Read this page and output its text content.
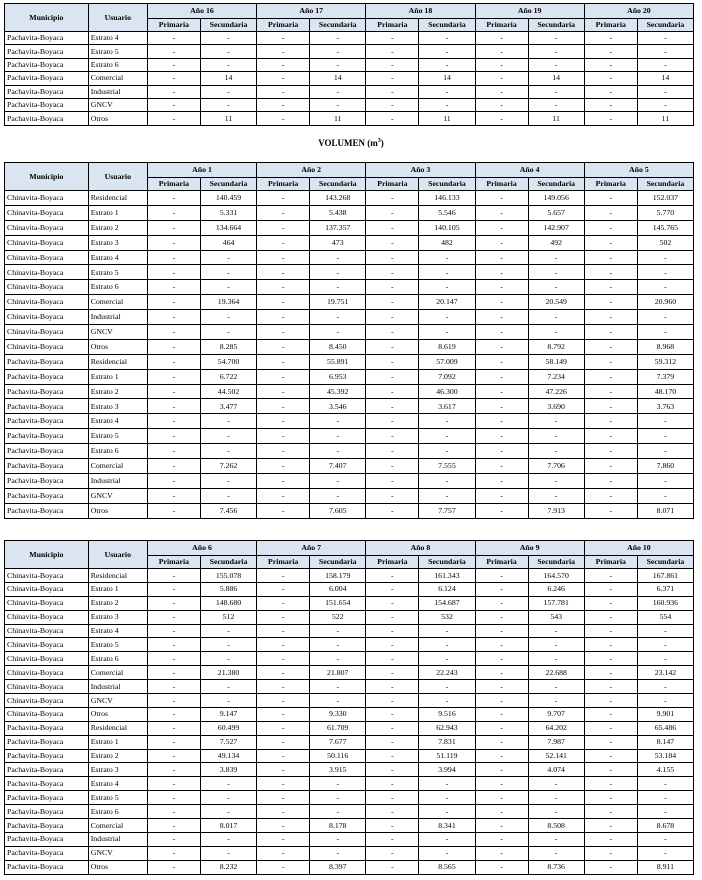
Municipio	Usuario	Año 16		Año 17		Año 18		Año 19		Año 20	
		Primaria	Secundaria	Primaria	Secundaria	Primaria	Secundaria	Primaria	Secundaria	Primaria	Secundaria
Pachavita-Boyaca	Estrato 4	-	-	-	-	-	-	-	-	-	-
Pachavita-Boyaca	Estrato 5	-	-	-	-	-	-	-	-	-	-
Pachavita-Boyaca	Estrato 6	-	-	-	-	-	-	-	-	-	-
Pachavita-Boyaca	Comercial	-	14	-	14	-	14	-	14	-	14
Pachavita-Boyaca	Industrial	-	-	-	-	-	-	-	-	-	-
Pachavita-Boyaca	GNCV	-	-	-	-	-	-	-	-	-	-
Pachavita-Boyaca	Otros	-	11	-	11	-	11	-	11	-	11
VOLUMEN $(m^3)$
Municipio	Usuario	Año 1		Año 2		Año 3		Año 4		Año 5	
		Primaria	Secundaria	Primaria	Secundaria	Primaria	Secundaria	Primaria	Secundaria	Primaria	Secundaria
Chinavita-Boyaca	Residencial	-	140.459	-	143.268	-	146.133	-	149.056	-	152.037
Chinavita-Boyaca	Estrato 1	-	5.331	-	5.438	-	5.546	-	5.657	-	5.770
Chinavita-Boyaca	Estrato 2	-	134.664	-	137.357	-	140.105	-	142.907	-	145.765
Chinavita-Boyaca	Estrato 3	-	464	-	473	-	482	-	492	-	502
Chinavita-Boyaca	Estrato 4	-	-	-	-	-	-	-	-	-	-
Chinavita-Boyaca	Estrato 5	-	-	-	-	-	-	-	-	-	-
Chinavita-Boyaca	Estrato 6	-	-	-	-	-	-	-	-	-	-
Chinavita-Boyaca	Comercial	-	19.364	-	19.751	-	20.147	-	20.549	-	20.960
Chinavita-Boyaca	Industrial	-	-	-	-	-	-	-	-	-	-
Chinavita-Boyaca	GNCV	-	-	-	-	-	-	-	-	-	-
Chinavita-Boyaca	Otros	-	8.285	-	8.450	-	8.619	-	8.792	-	8.968
Pachavita-Boyaca	Residencial	-	54.700	-	55.891	-	57.009	-	58.149	-	59.312
Pachavita-Boyaca	Estrato 1	-	6.722	-	6.953	-	7.092	-	7.234	-	7.379
Pachavita-Boyaca	Estrato 2	-	44.502	-	45.392	-	46.300	-	47.226	-	48.170
Pachavita-Boyaca	Estrato 3	-	3.477	-	3.546	-	3.617	-	3.690	-	3.763
Pachavita-Boyaca	Estrato 4	-	-	-	-	-	-	-	-	-	-
Pachavita-Boyaca	Estrato 5	-	-	-	-	-	-	-	-	-	-
Pachavita-Boyaca	Estrato 6	-	-	-	-	-	-	-	-	-	-
Pachavita-Boyaca	Comercial	-	7.262	-	7.407	-	7.555	-	7.706	-	7.860
Pachavita-Boyaca	Industrial	-	-	-	-	-	-	-	-	-	-
Pachavita-Boyaca	GNCV	-	-	-	-	-	-	-	-	-	-
Pachavita-Boyaca	Otros	-	7.456	-	7.605	-	7.757	-	7.913	-	8.071
Municipio	Usuario	Año 6		Año 7		Año 8		Año 9		Año 10	
		Primaria	Secundaria	Primaria	Secundaria	Primaria	Secundaria	Primaria	Secundaria	Primaria	Secundaria
Chinavita-Boyaca	Residencial	-	155.078	-	158.179	-	161.343	-	164.570	-	167.861
Chinavita-Boyaca	Estrato 1	-	5.886	-	6.004	-	6.124	-	6.246	-	6.371
Chinavita-Boyaca	Estrato 2	-	148.680	-	151.654	-	154.687	-	157.781	-	160.936
Chinavita-Boyaca	Estrato 3	-	512	-	522	-	532	-	543	-	554
Chinavita-Boyaca	Estrato 4	-	-	-	-	-	-	-	-	-	-
Chinavita-Boyaca	Estrato 5	-	-	-	-	-	-	-	-	-	-
Chinavita-Boyaca	Estrato 6	-	-	-	-	-	-	-	-	-	-
Chinavita-Boyaca	Comercial	-	21.380	-	21.807	-	22.243	-	22.688	-	23.142
Chinavita-Boyaca	Industrial	-	-	-	-	-	-	-	-	-	-
Chinavita-Boyaca	GNCV	-	-	-	-	-	-	-	-	-	-
Chinavita-Boyaca	Otros	-	9.147	-	9.330	-	9.516	-	9.707	-	9.901
Pachavita-Boyaca	Residencial	-	60.499	-	61.709	-	62.943	-	64.202	-	65.486
Pachavita-Boyaca	Estrato 1	-	7.527	-	7.677	-	7.831	-	7.987	-	8.147
Pachavita-Boyaca	Estrato 2	-	49.134	-	50.116	-	51.119	-	52.141	-	53.184
Pachavita-Boyaca	Estrato 3	-	3.839	-	3.915	-	3.994	-	4.074	-	4.155
Pachavita-Boyaca	Estrato 4	-	-	-	-	-	-	-	-	-	-
Pachavita-Boyaca	Estrato 5	-	-	-	-	-	-	-	-	-	-
Pachavita-Boyaca	Estrato 6	-	-	-	-	-	-	-	-	-	-
Pachavita-Boyaca	Comercial	-	8.017	-	8.178	-	8.341	-	8.508	-	8.678
Pachavita-Boyaca	Industrial	-	-	-	-	-	-	-	-	-	-
Pachavita-Boyaca	GNCV	-	-	-	-	-	-	-	-	-	-
Pachavita-Boyaca	Otros	-	8.232	-	8.397	-	8.565	-	8.736	-	8.911
